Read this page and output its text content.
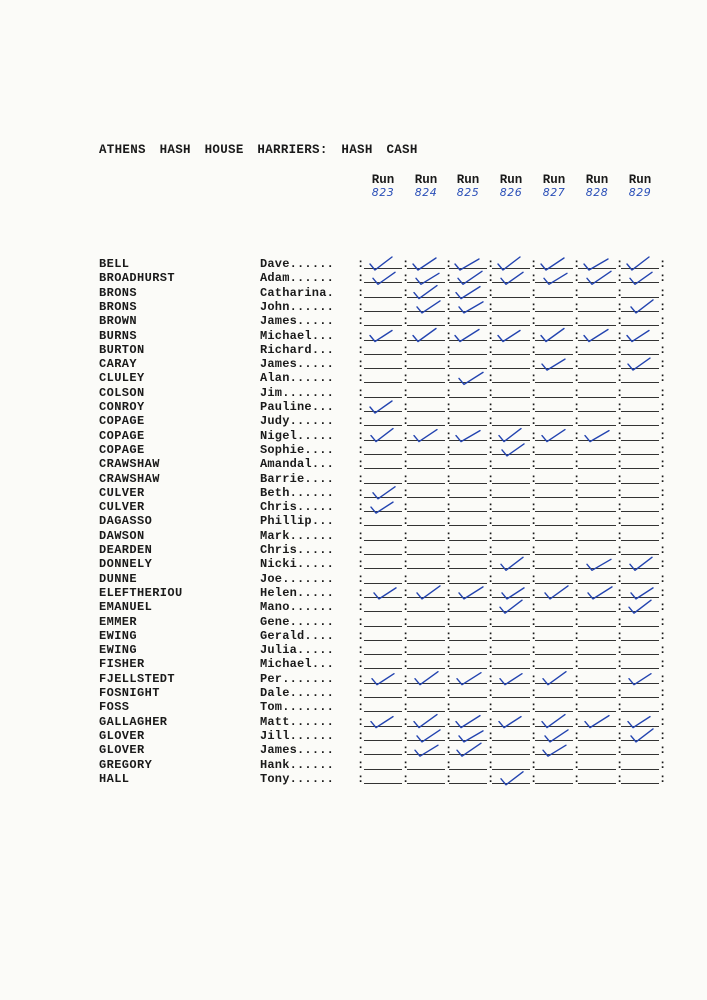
ATHENS HASH HOUSE HARRIERS: HASH CASH
Run
823
Run
824
Run
825
Run
826
Run
827
Run
828
Run
829
BELL	Dave...... :	:	:	:	:	:	:	:
BROADHURST	Adam...... :	:	:	:	:	:	:	:
BRONS	Catharina. :	:	:	:	:	:	:	:
BRONS	John...... :	:	:	:	:	:	:	:
BROWN	James..... :	:	:	:	:	:	:	:
BURNS	Michael... :	:	:	:	:	:	:	:
BURTON	Richard... :	:	:	:	:	:	:	:
CARAY	James..... :	:	:	:	:	:	:	:
CLULEY	Alan...... :	:	:	:	:	:	:	:
COLSON	Jim....... :	:	:	:	:	:	:	:
CONROY	Pauline... :	:	:	:	:	:	:	:
COPAGE	Judy...... :	:	:	:	:	:	:	:
COPAGE	Nigel..... :	:	:	:	:	:	:	:
COPAGE	Sophie.... :	:	:	:	:	:	:	:
CRAWSHAW	Amandal... :	:	:	:	:	:	:	:
CRAWSHAW	Barrie.... :	:	:	:	:	:	:	:
CULVER	Beth...... :	:	:	:	:	:	:	:
CULVER	Chris..... :	:	:	:	:	:	:	:
DAGASSO	Phillip... :	:	:	:	:	:	:	:
DAWSON	Mark...... :	:	:	:	:	:	:	:
DEARDEN	Chris..... :	:	:	:	:	:	:	:
DONNELY	Nicki..... :	:	:	:	:	:	:	:
DUNNE	Joe....... :	:	:	:	:	:	:	:
ELEFTHERIOU	Helen..... :	:	:	:	:	:	:	:
EMANUEL	Mano...... :	:	:	:	:	:	:	:
EMMER	Gene...... :	:	:	:	:	:	:	:
EWING	Gerald.... :	:	:	:	:	:	:	:
EWING	Julia..... :	:	:	:	:	:	:	:
FISHER	Michael... :	:	:	:	:	:	:	:
FJELLSTEDT	Per....... :	:	:	:	:	:	:	:
FOSNIGHT	Dale...... :	:	:	:	:	:	:	:
FOSS	Tom....... :	:	:	:	:	:	:	:
GALLAGHER	Matt...... :	:	:	:	:	:	:	:
GLOVER	Jill...... :	:	:	:	:	:	:	:
GLOVER	James..... :	:	:	:	:	:	:	:
GREGORY	Hank...... :	:	:	:	:	:	:	:
HALL	Tony...... :	:	:	:	:	:	:	:
